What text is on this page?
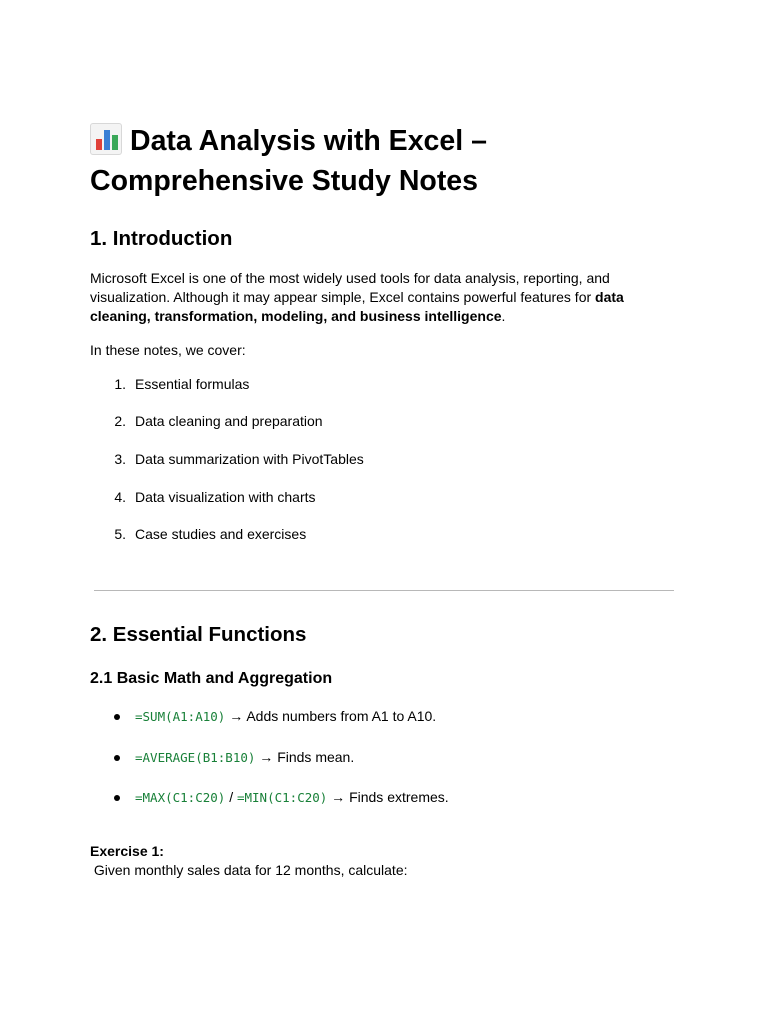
Data Analysis with Excel – Comprehensive Study Notes
1. Introduction

Microsoft Excel is one of the most widely used tools for data analysis, reporting, and visualization. Although it may appear simple, Excel contains powerful features for data cleaning, transformation, modeling, and business intelligence.

In these notes, we cover:

1. Essential formulas
2. Data cleaning and preparation
3. Data summarization with PivotTables
4. Data visualization with charts
5. Case studies and exercises
2. Essential Functions
2.1 Basic Math and Aggregation
=SUM(A1:A10) → Adds numbers from A1 to A10.
=AVERAGE(B1:B10) → Finds mean.
=MAX(C1:C20) / =MIN(C1:C20) → Finds extremes.

Exercise 1:
Given monthly sales data for 12 months, calculate:
